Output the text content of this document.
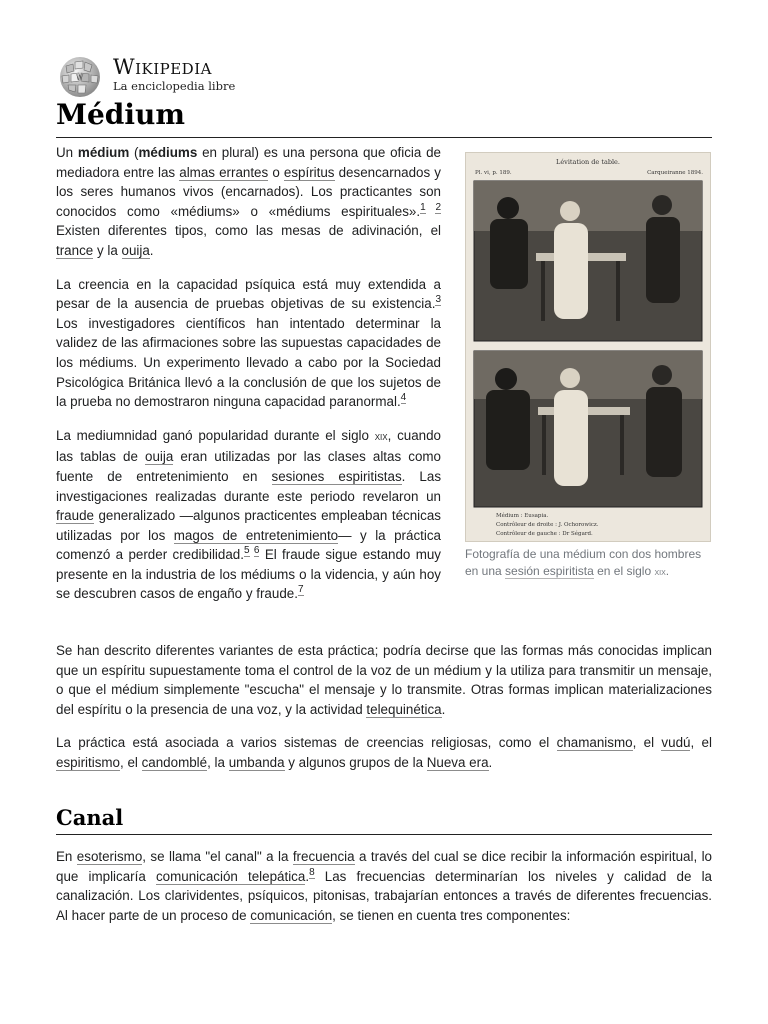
W Wikipedia
La enciclopedia libre
Médium

Un médium (médiums en plural) es una persona que oficia de mediadora entre las almas errantes o espíritus desencarnados y los seres humanos vivos (encarnados). Los practicantes son conocidos como «médiums» o «médiums espirituales».$^{1 2}$ Existen diferentes tipos, como las mesas de adivinación, el trance y la ouija.

La creencia en la capacidad psíquica está muy extendida a pesar de la ausencia de pruebas objetivas de su existencia.$^3$ Los investigadores científicos han intentado determinar la validez de las afirmaciones sobre las supuestas capacidades de los médiums. Un experimento llevado a cabo por la Sociedad Psicológica Británica llevó a la conclusión de que los sujetos de la prueba no demostraron ninguna capacidad paranormal.$^4$

La mediumnidad ganó popularidad durante el siglo xix, cuando las tablas de ouija eran utilizadas por las clases altas como fuente de entretenimiento en sesiones espiritistas. Las investigaciones realizadas durante este periodo revelaron un fraude generalizado —algunos practicentes empleaban técnicas utilizadas por los magos de entretenimiento— y la práctica comenzó a perder credibilidad.$^{5 6}$ El fraude sigue estando muy presente en la industria de los médiums o la videncia, y aún hoy se descubren casos de engaño y fraude.$^7$

Lévitation de table.
Pl. vi, p. 189.	Carqueiranne 1894.
Médium : Eusapia.
Contrôleur de droite : J. Ochorowicz.
Contrôleur de gauche : Dr Ségard.
Fotografía de una médium con dos hombres en una sesión espiritista en el siglo xix.

Se han descrito diferentes variantes de esta práctica; podría decirse que las formas más conocidas implican que un espíritu supuestamente toma el control de la voz de un médium y la utiliza para transmitir un mensaje, o que el médium simplemente "escucha" el mensaje y lo transmite. Otras formas implican materializaciones del espíritu o la presencia de una voz, y la actividad telequinética.

La práctica está asociada a varios sistemas de creencias religiosas, como el chamanismo, el vudú, el espiritismo, el candomblé, la umbanda y algunos grupos de la Nueva era.

Canal

En esoterismo, se llama "el canal" a la frecuencia a través del cual se dice recibir la información espiritual, lo que implicaría comunicación telepática.$^8$ Las frecuencias determinarían los niveles y calidad de la canalización. Los clarividentes, psíquicos, pitonisas, trabajarían entonces a través de diferentes frecuencias. Al hacer parte de un proceso de comunicación, se tienen en cuenta tres componentes:
